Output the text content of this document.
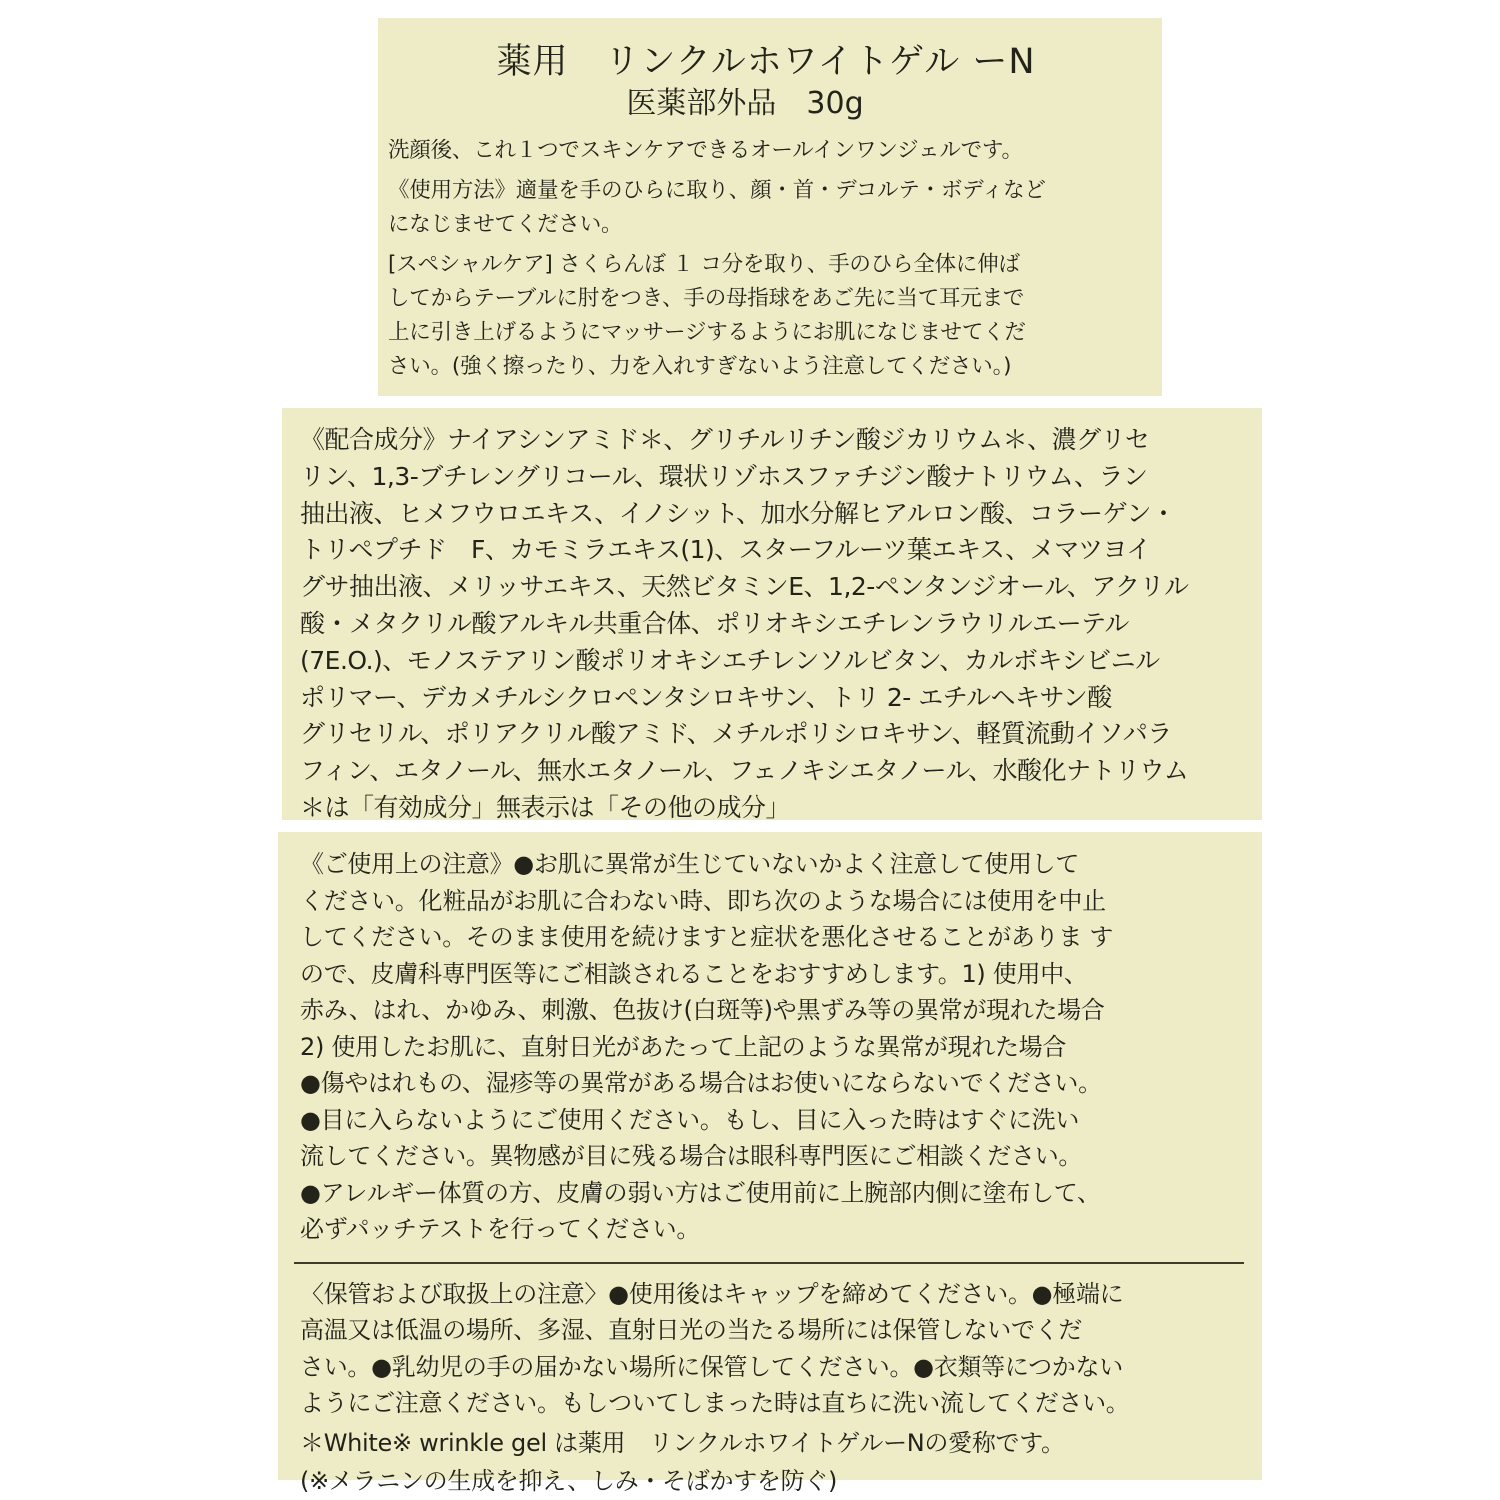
薬用　リンクルホワイトゲル ーN
医薬部外品　30g
洗顔後、これ１つでスキンケアできるオールインワンジェルです。
《使用方法》適量を手のひらに取り、顔・首・デコルテ・ボディなど
になじませてください。
[スペシャルケア] さくらんぼ １ コ分を取り、手のひら全体に伸ば
してからテーブルに肘をつき、手の母指球をあご先に当て耳元まで
上に引き上げるようにマッサージするようにお肌になじませてくだ
さい。(強く擦ったり、力を入れすぎないよう注意してください。)
《配合成分》ナイアシンアミド＊、グリチルリチン酸ジカリウム＊、濃グリセ
リン、1,3-ブチレングリコール、環状リゾホスファチジン酸ナトリウム、ラン
抽出液、ヒメフウロエキス、イノシット、加水分解ヒアルロン酸、コラーゲン・
トリペプチド　F、カモミラエキス(1)、スターフルーツ葉エキス、メマツヨイ
グサ抽出液、メリッサエキス、天然ビタミンE、1,2-ペンタンジオール、アクリル
酸・メタクリル酸アルキル共重合体、ポリオキシエチレンラウリルエーテル
(7E.O.)、モノステアリン酸ポリオキシエチレンソルビタン、カルボキシビニル
ポリマー、デカメチルシクロペンタシロキサン、トリ 2- エチルヘキサン酸
グリセリル、ポリアクリル酸アミド、メチルポリシロキサン、軽質流動イソパラ
フィン、エタノール、無水エタノール、フェノキシエタノール、水酸化ナトリウム
＊は「有効成分」無表示は「その他の成分」
《ご使用上の注意》●お肌に異常が生じていないかよく注意して使用して
ください。化粧品がお肌に合わない時、即ち次のような場合には使用を中止
してください。そのまま使用を続けますと症状を悪化させることがありま す
ので、皮膚科専門医等にご相談されることをおすすめします。1) 使用中、
赤み、はれ、かゆみ、刺激、色抜け(白斑等)や黒ずみ等の異常が現れた場合
2) 使用したお肌に、直射日光があたって上記のような異常が現れた場合
●傷やはれもの、湿疹等の異常がある場合はお使いにならないでください。
●目に入らないようにご使用ください。もし、目に入った時はすぐに洗い
流してください。異物感が目に残る場合は眼科専門医にご相談ください。
●アレルギー体質の方、皮膚の弱い方はご使用前に上腕部内側に塗布して、
必ずパッチテストを行ってください。
〈保管および取扱上の注意〉●使用後はキャップを締めてください。●極端に
高温又は低温の場所、多湿、直射日光の当たる場所には保管しないでくだ
さい。●乳幼児の手の届かない場所に保管してください。●衣類等につかない
ようにご注意ください。もしついてしまった時は直ちに洗い流してください。
＊White※ wrinkle gel は薬用　リンクルホワイトゲルーNの愛称です。
(※メラニンの生成を抑え、しみ・そばかすを防ぐ)
